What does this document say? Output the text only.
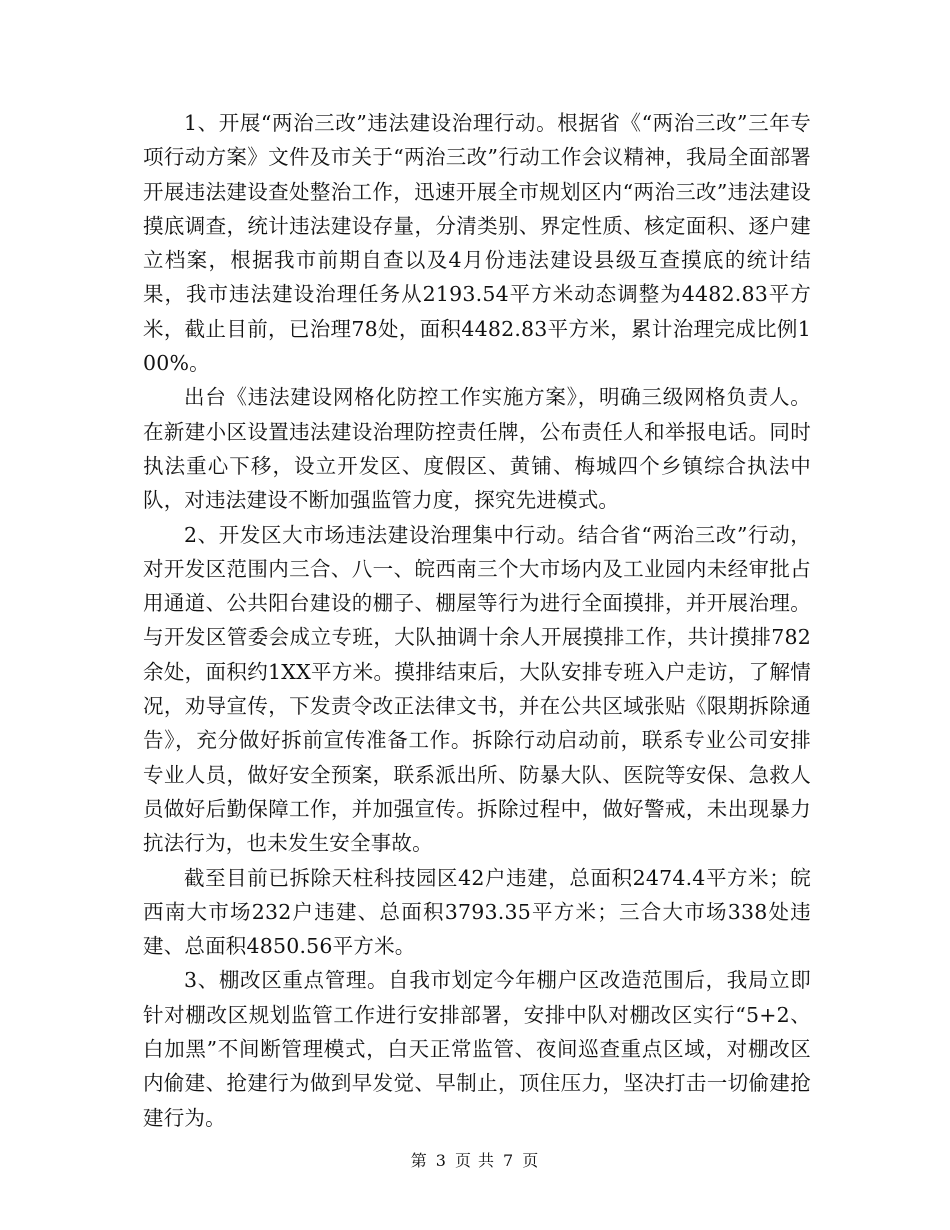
1、开展“两治三改”违法建设治理行动。根据省《“两治三改”三年专项行动方案》文件及市关于“两治三改”行动工作会议精神，我局全面部署开展违法建设查处整治工作，迅速开展全市规划区内“两治三改”违法建设摸底调查，统计违法建设存量，分清类别、界定性质、核定面积、逐户建立档案，根据我市前期自查以及4月份违法建设县级互查摸底的统计结果，我市违法建设治理任务从2193.54平方米动态调整为4482.83平方米，截止目前，已治理78处，面积4482.83平方米，累计治理完成比例100%。

出台《违法建设网格化防控工作实施方案》，明确三级网格负责人。在新建小区设置违法建设治理防控责任牌，公布责任人和举报电话。同时执法重心下移，设立开发区、度假区、黄铺、梅城四个乡镇综合执法中队，对违法建设不断加强监管力度，探究先进模式。

2、开发区大市场违法建设治理集中行动。结合省“两治三改”行动，对开发区范围内三合、八一、皖西南三个大市场内及工业园内未经审批占用通道、公共阳台建设的棚子、棚屋等行为进行全面摸排，并开展治理。与开发区管委会成立专班，大队抽调十余人开展摸排工作，共计摸排782余处，面积约1XX平方米。摸排结束后，大队安排专班入户走访，了解情况，劝导宣传，下发责令改正法律文书，并在公共区域张贴《限期拆除通告》，充分做好拆前宣传准备工作。拆除行动启动前，联系专业公司安排专业人员，做好安全预案，联系派出所、防暴大队、医院等安保、急救人员做好后勤保障工作，并加强宣传。拆除过程中，做好警戒，未出现暴力抗法行为，也未发生安全事故。

截至目前已拆除天柱科技园区42户违建，总面积2474.4平方米；皖西南大市场232户违建、总面积3793.35平方米；三合大市场338处违建、总面积4850.56平方米。

3、棚改区重点管理。自我市划定今年棚户区改造范围后，我局立即针对棚改区规划监管工作进行安排部署，安排中队对棚改区实行“5+2、白加黑”不间断管理模式，白天正常监管、夜间巡查重点区域，对棚改区内偷建、抢建行为做到早发觉、早制止，顶住压力，坚决打击一切偷建抢建行为。

第 3 页 共 7 页
